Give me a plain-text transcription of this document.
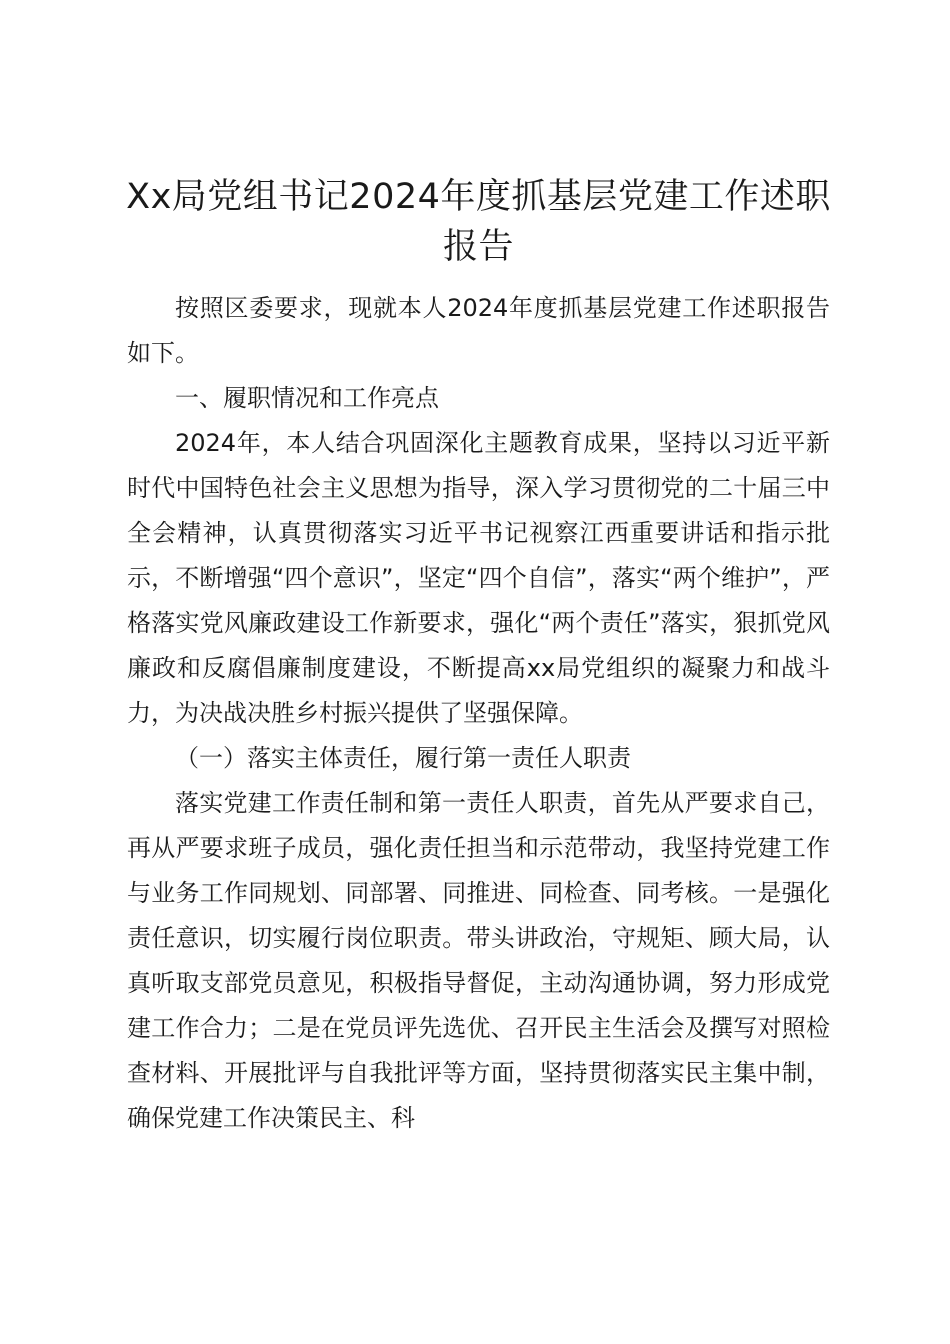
Xx局党组书记2024年度抓基层党建工作述职报告

按照区委要求，现就本人2024年度抓基层党建工作述职报告如下。

一、履职情况和工作亮点

2024年，本人结合巩固深化主题教育成果，坚持以习近平新时代中国特色社会主义思想为指导，深入学习贯彻党的二十届三中全会精神，认真贯彻落实习近平书记视察江西重要讲话和指示批示，不断增强“四个意识”，坚定“四个自信”，落实“两个维护”，严格落实党风廉政建设工作新要求，强化“两个责任”落实，狠抓党风廉政和反腐倡廉制度建设，不断提高xx局党组织的凝聚力和战斗力，为决战决胜乡村振兴提供了坚强保障。

（一）落实主体责任，履行第一责任人职责

落实党建工作责任制和第一责任人职责，首先从严要求自己，再从严要求班子成员，强化责任担当和示范带动，我坚持党建工作与业务工作同规划、同部署、同推进、同检查、同考核。一是强化责任意识，切实履行岗位职责。带头讲政治，守规矩、顾大局，认真听取支部党员意见，积极指导督促，主动沟通协调，努力形成党建工作合力；二是在党员评先选优、召开民主生活会及撰写对照检查材料、开展批评与自我批评等方面，坚持贯彻落实民主集中制，确保党建工作决策民主、科
